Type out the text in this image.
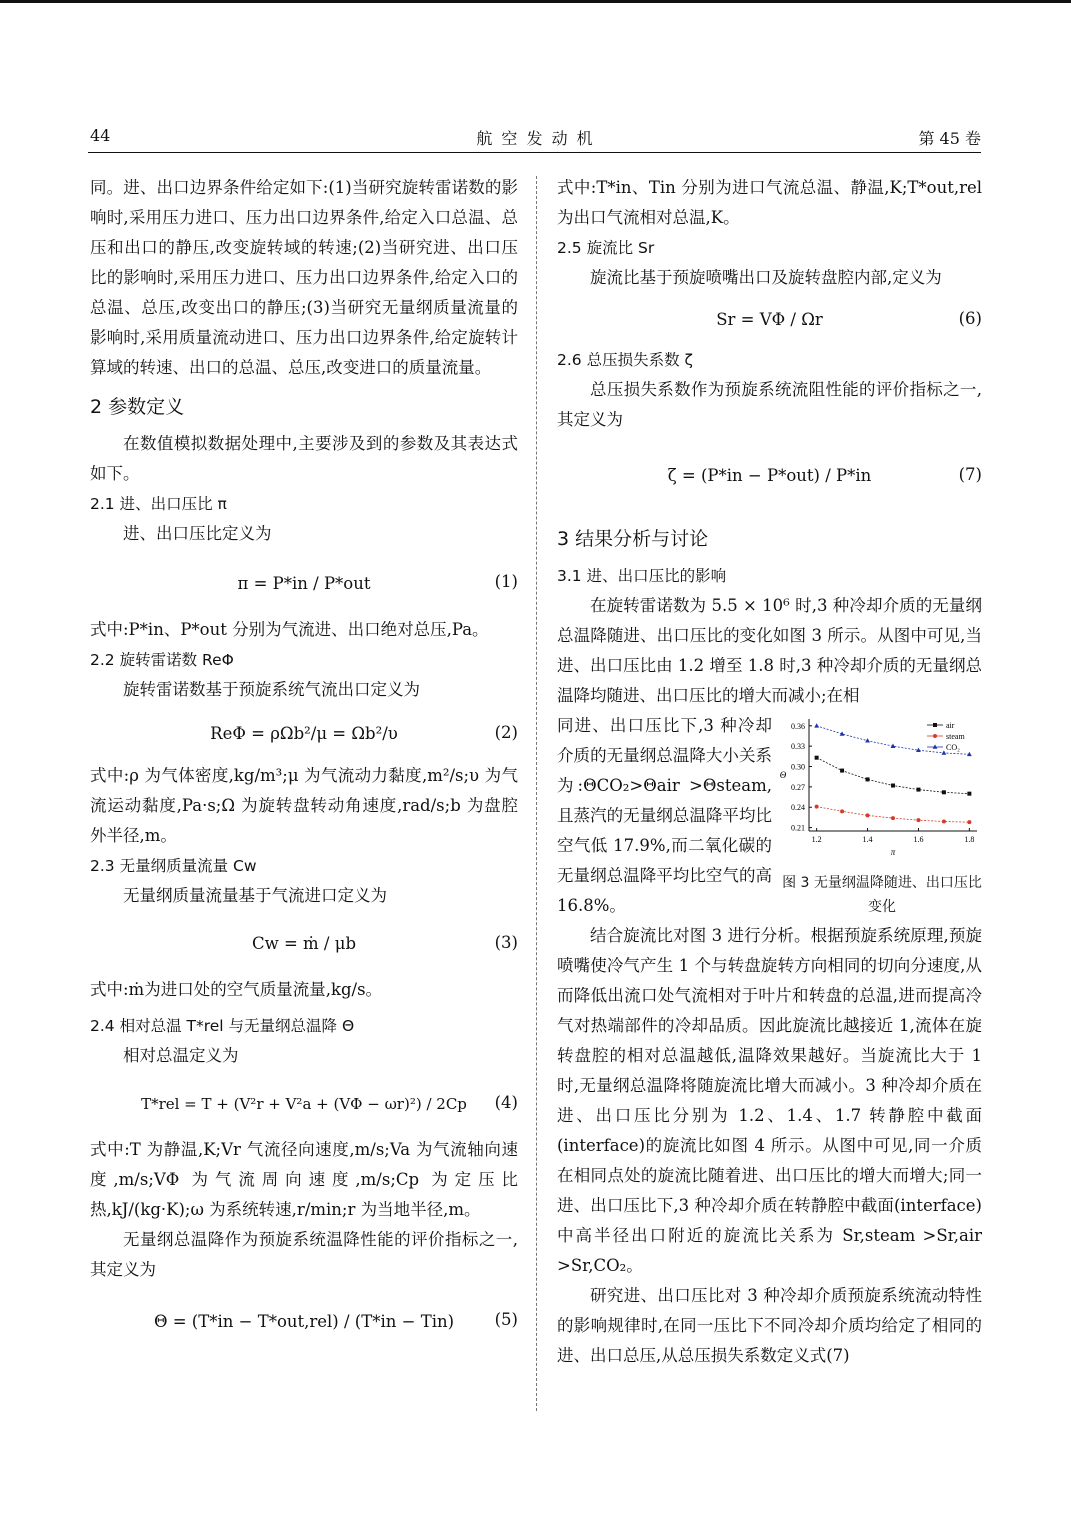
44	航 空 发 动 机	第 45 卷

同。进、出口边界条件给定如下:(1)当研究旋转雷诺数的影响时,采用压力进口、压力出口边界条件,给定入口总温、总压和出口的静压,改变旋转域的转速;(2)当研究进、出口压比的影响时,采用压力进口、压力出口边界条件,给定入口的总温、总压,改变出口的静压;(3)当研究无量纲质量流量的影响时,采用质量流动进口、压力出口边界条件,给定旋转计算域的转速、出口的总温、总压,改变进口的质量流量。

2 参数定义

在数值模拟数据处理中,主要涉及到的参数及其表达式如下。

2.1 进、出口压比 π

进、出口压比定义为

π = P*in / P*out	(1)

式中:P*in、P*out 分别为气流进、出口绝对总压,Pa。

2.2 旋转雷诺数 ReΦ

旋转雷诺数基于预旋系统气流出口定义为

ReΦ = ρΩb²/μ = Ωb²/υ	(2)

式中:ρ 为气体密度,kg/m³;μ 为气流动力黏度,m²/s;υ 为气流运动黏度,Pa·s;Ω 为旋转盘转动角速度,rad/s;b 为盘腔外半径,m。

2.3 无量纲质量流量 Cw

无量纲质量流量基于气流进口定义为

Cw = ṁ / μb	(3)

式中:ṁ为进口处的空气质量流量,kg/s。

2.4 相对总温 T*rel 与无量纲总温降 Θ

相对总温定义为

T*rel = T + (V²r + V²a + (VΦ − ωr)²) / 2Cp	(4)

式中:T 为静温,K;Vr 气流径向速度,m/s;Va 为气流轴向速度,m/s;VΦ 为气流周向速度,m/s;Cp 为定压比热,kJ/(kg·K);ω 为系统转速,r/min;r 为当地半径,m。

无量纲总温降作为预旋系统温降性能的评价指标之一,其定义为

Θ = (T*in − T*out,rel) / (T*in − Tin)	(5)

式中:T*in、Tin 分别为进口气流总温、静温,K;T*out,rel 为出口气流相对总温,K。

2.5 旋流比 Sr

旋流比基于预旋喷嘴出口及旋转盘腔内部,定义为

Sr = VΦ / Ωr	(6)
2.6 总压损失系数 ζ

总压损失系数作为预旋系统流阻性能的评价指标之一,其定义为

ζ = (P*in − P*out) / P*in	(7)
3 结果分析与讨论
3.1 进、出口压比的影响

在旋转雷诺数为 5.5 × 10⁶ 时,3 种冷却介质的无量纲总温降随进、出口压比的变化如图 3 所示。从图中可见,当进、出口压比由 1.2 增至 1.8 时,3 种冷却介质的无量纲总温降均随进、出口压比的增大而减小;在相

同进、出口压比下,3 种冷却介质的无量纲总温降大小关系为:ΘCO₂>Θair >Θsteam,且蒸汽的无量纲总温降平均比空气低 17.9%,而二氧化碳的无量纲总温降平均比空气的高 16.8%。

0.21
0.24
0.27
0.30
0.33
0.36
1.2	1.4	1.6	1.8
π
Θ
air
steam
CO₂
图 3 无量纲温降随进、出口压比变化

结合旋流比对图 3 进行分析。根据预旋系统原理,预旋喷嘴使冷气产生 1 个与转盘旋转方向相同的切向分速度,从而降低出流口处气流相对于叶片和转盘的总温,进而提高冷气对热端部件的冷却品质。因此旋流比越接近 1,流体在旋转盘腔的相对总温越低,温降效果越好。当旋流比大于 1 时,无量纲总温降将随旋流比增大而减小。3 种冷却介质在进、出口压比分别为 1.2、1.4、1.7 转静腔中截面(interface)的旋流比如图 4 所示。从图中可见,同一介质在相同点处的旋流比随着进、出口压比的增大而增大;同一进、出口压比下,3 种冷却介质在转静腔中截面(interface)中高半径出口附近的旋流比关系为 Sr,steam >Sr,air >Sr,CO₂。

研究进、出口压比对 3 种冷却介质预旋系统流动特性的影响规律时,在同一压比下不同冷却介质均给定了相同的进、出口总压,从总压损失系数定义式(7)
